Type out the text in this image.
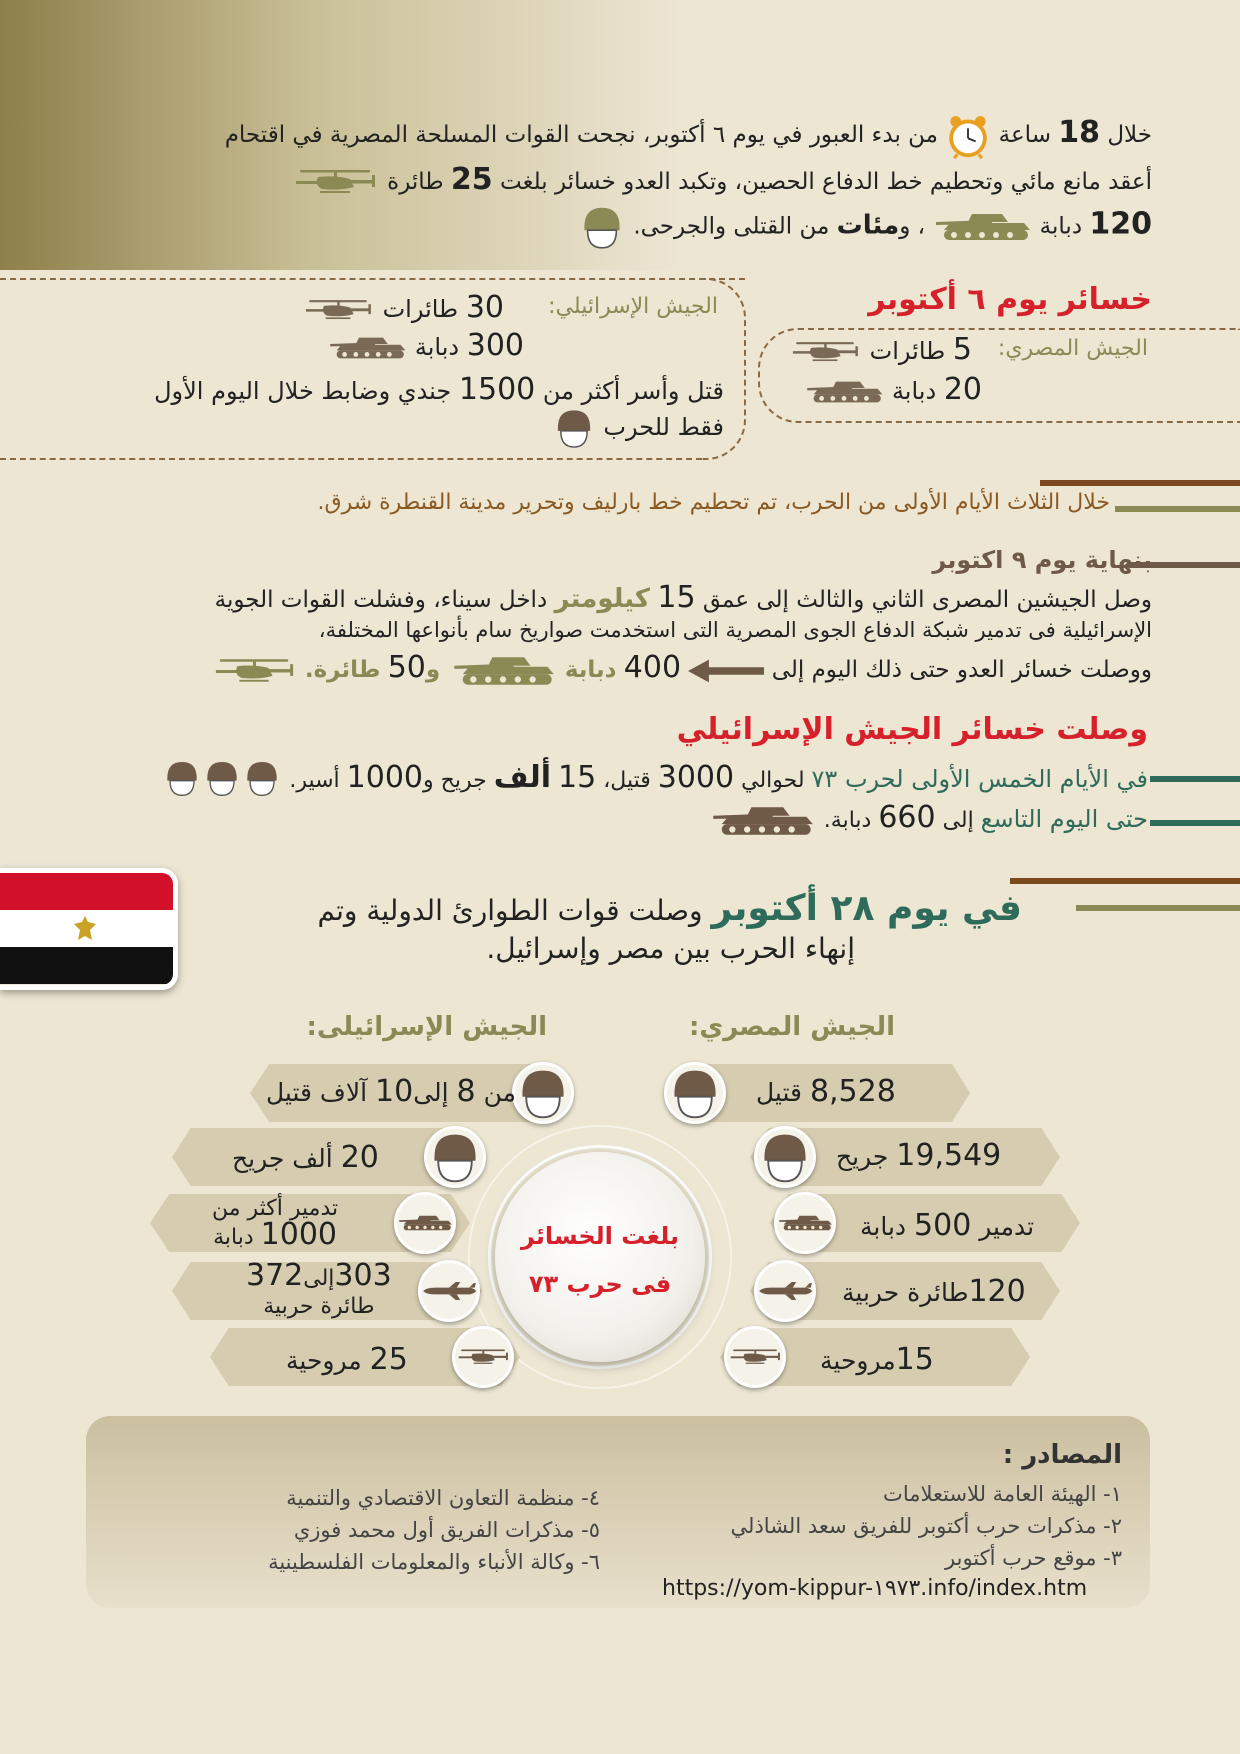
خلال 18 ساعة  من بدء العبور في يوم ٦ أكتوبر، نجحت القوات المسلحة المصرية في اقتحام
أعقد مانع مائي وتحطيم خط الدفاع الحصين، وتكبد العدو خسائر بلغت 25 طائرة
120 دبابة  ، ومئات من القتلى والجرحى.
خسائر يوم ٦ أكتوبر
الجيش المصري:
5 طائرات
20 دبابة
الجيش الإسرائيلي:
30 طائرات
300 دبابة
قتل وأسر أكثر من 1500 جندي وضابط خلال اليوم الأول
فقط للحرب
خلال الثلاث الأيام الأولى من الحرب، تم تحطيم خط بارليف وتحرير مدينة القنطرة شرق.
بنهاية يوم ٩ اكتوبر
وصل الجيشين المصرى الثاني والثالث إلى عمق 15 كيلومتر داخل سيناء، وفشلت القوات الجوية
الإسرائيلية فى تدمير شبكة الدفاع الجوى المصرية التى استخدمت صواريخ سام بأنواعها المختلفة،
ووصلت خسائر العدو حتى ذلك اليوم إلى  400 دبابة  و50 طائرة.
وصلت خسائر الجيش الإسرائيلي
في الأيام الخمس الأولى لحرب ٧٣ لحوالي 3000 قتيل، 15 ألف جريح و1000 أسير.
حتى اليوم التاسع إلى 660 دبابة.
في يوم ٢٨ أكتوبر وصلت قوات الطوارئ الدولية وتم
إنهاء الحرب بين مصر وإسرائيل.
الجيش المصري:
الجيش الإسرائيلى:
بلغت الخسائر
فى حرب ٧٣
8,528 قتيل
19,549 جريح
تدمير 500 دبابة
120طائرة حربية
15مروحية
من 8 إلى10 آلاف قتيل
20 ألف جريح
تدمير أكثر من
1000 دبابة
303إلى372
طائرة حربية
25 مروحية
المصادر :
١- الهيئة العامة للاستعلامات
٢- مذكرات حرب أكتوبر للفريق سعد الشاذلي
٣- موقع حرب أكتوبر
https://yom-kippur-١٩٧٣.info/index.htm
٤- منظمة التعاون الاقتصادي والتنمية
٥- مذكرات الفريق أول محمد فوزي
٦- وكالة الأنباء والمعلومات الفلسطينية
